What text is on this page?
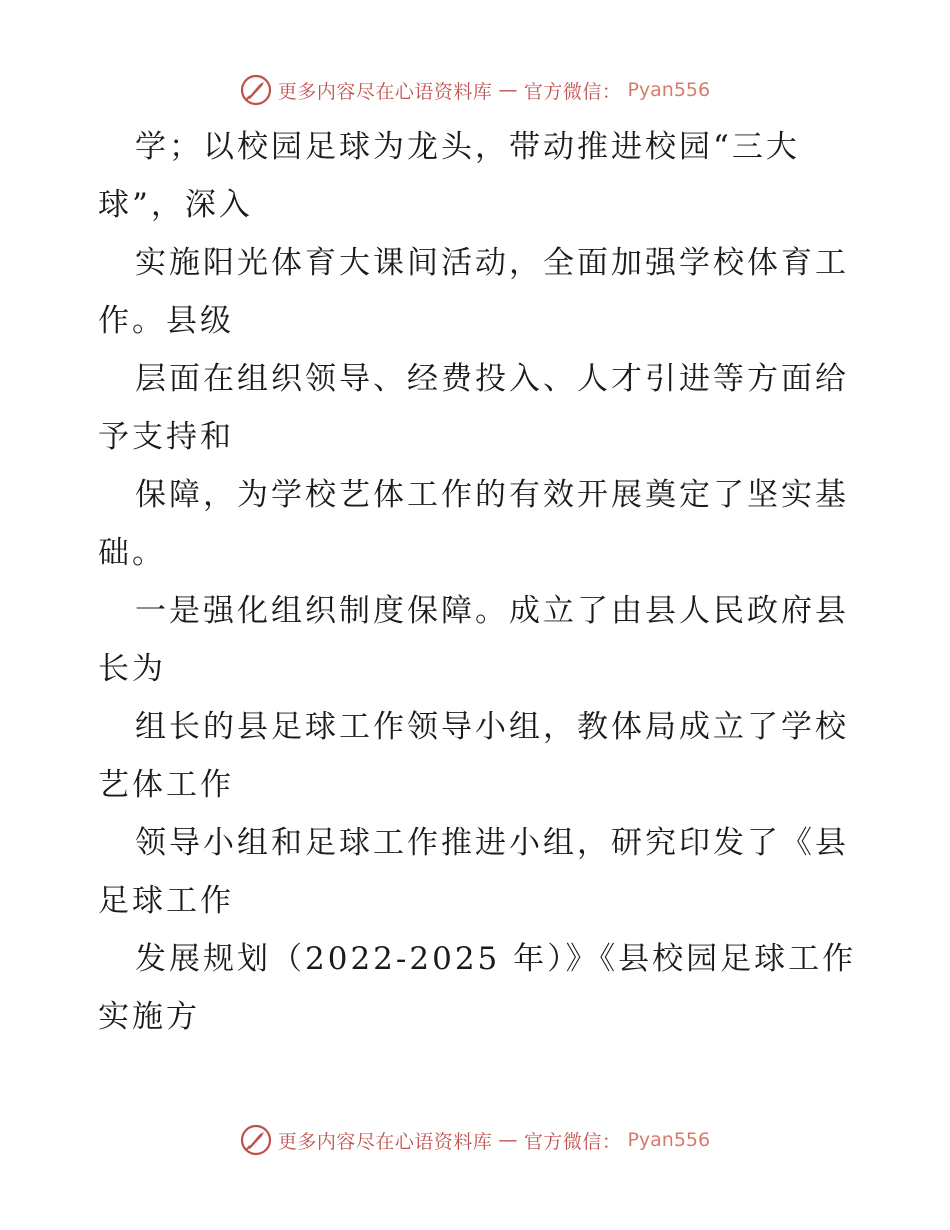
更多内容尽在心语资料库 — 官方微信： Pyan556

学；以校园足球为龙头，带动推进校园“三大
球”，深入

实施阳光体育大课间活动，全面加强学校体育工
作。县级

层面在组织领导、经费投入、人才引进等方面给
予支持和

保障，为学校艺体工作的有效开展奠定了坚实基
础。

一是强化组织制度保障。成立了由县人民政府县
长为

组长的县足球工作领导小组，教体局成立了学校
艺体工作

领导小组和足球工作推进小组，研究印发了《县
足球工作

发展规划（2022-2025 年）》《县校园足球工作
实施方

更多内容尽在心语资料库 — 官方微信： Pyan556
